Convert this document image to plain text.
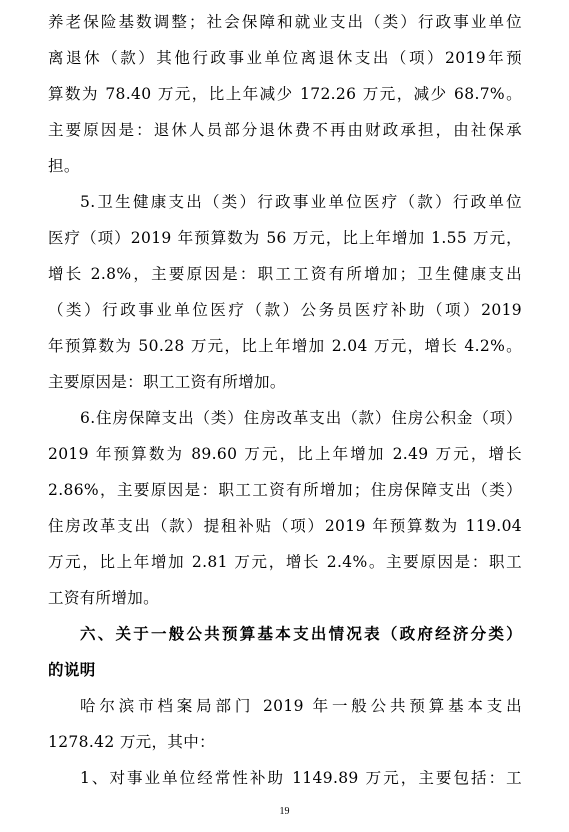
养老保险基数调整；社会保障和就业支出（类）行政事业单位
离退休（款）其他行政事业单位离退休支出（项）2019年预
算数为 78.40 万元，比上年减少 172.26 万元，减少 68.7%。
主要原因是：退休人员部分退休费不再由财政承担，由社保承
担。
5.卫生健康支出（类）行政事业单位医疗（款）行政单位
医疗（项）2019 年预算数为 56 万元，比上年增加 1.55 万元，
增长 2.8%，主要原因是：职工工资有所增加；卫生健康支出
（类）行政事业单位医疗（款）公务员医疗补助（项）2019
年预算数为 50.28 万元，比上年增加 2.04 万元，增长 4.2%。
主要原因是：职工工资有所增加。
6.住房保障支出（类）住房改革支出（款）住房公积金（项）
2019 年预算数为 89.60 万元，比上年增加 2.49 万元，增长
2.86%，主要原因是：职工工资有所增加；住房保障支出（类）
住房改革支出（款）提租补贴（项）2019 年预算数为 119.04
万元，比上年增加 2.81 万元，增长 2.4%。主要原因是：职工
工资有所增加。
六、关于一般公共预算基本支出情况表（政府经济分类）
的说明
哈尔滨市档案局部门 2019 年一般公共预算基本支出
1278.42 万元，其中：
1、对事业单位经常性补助 1149.89 万元，主要包括：工
19
